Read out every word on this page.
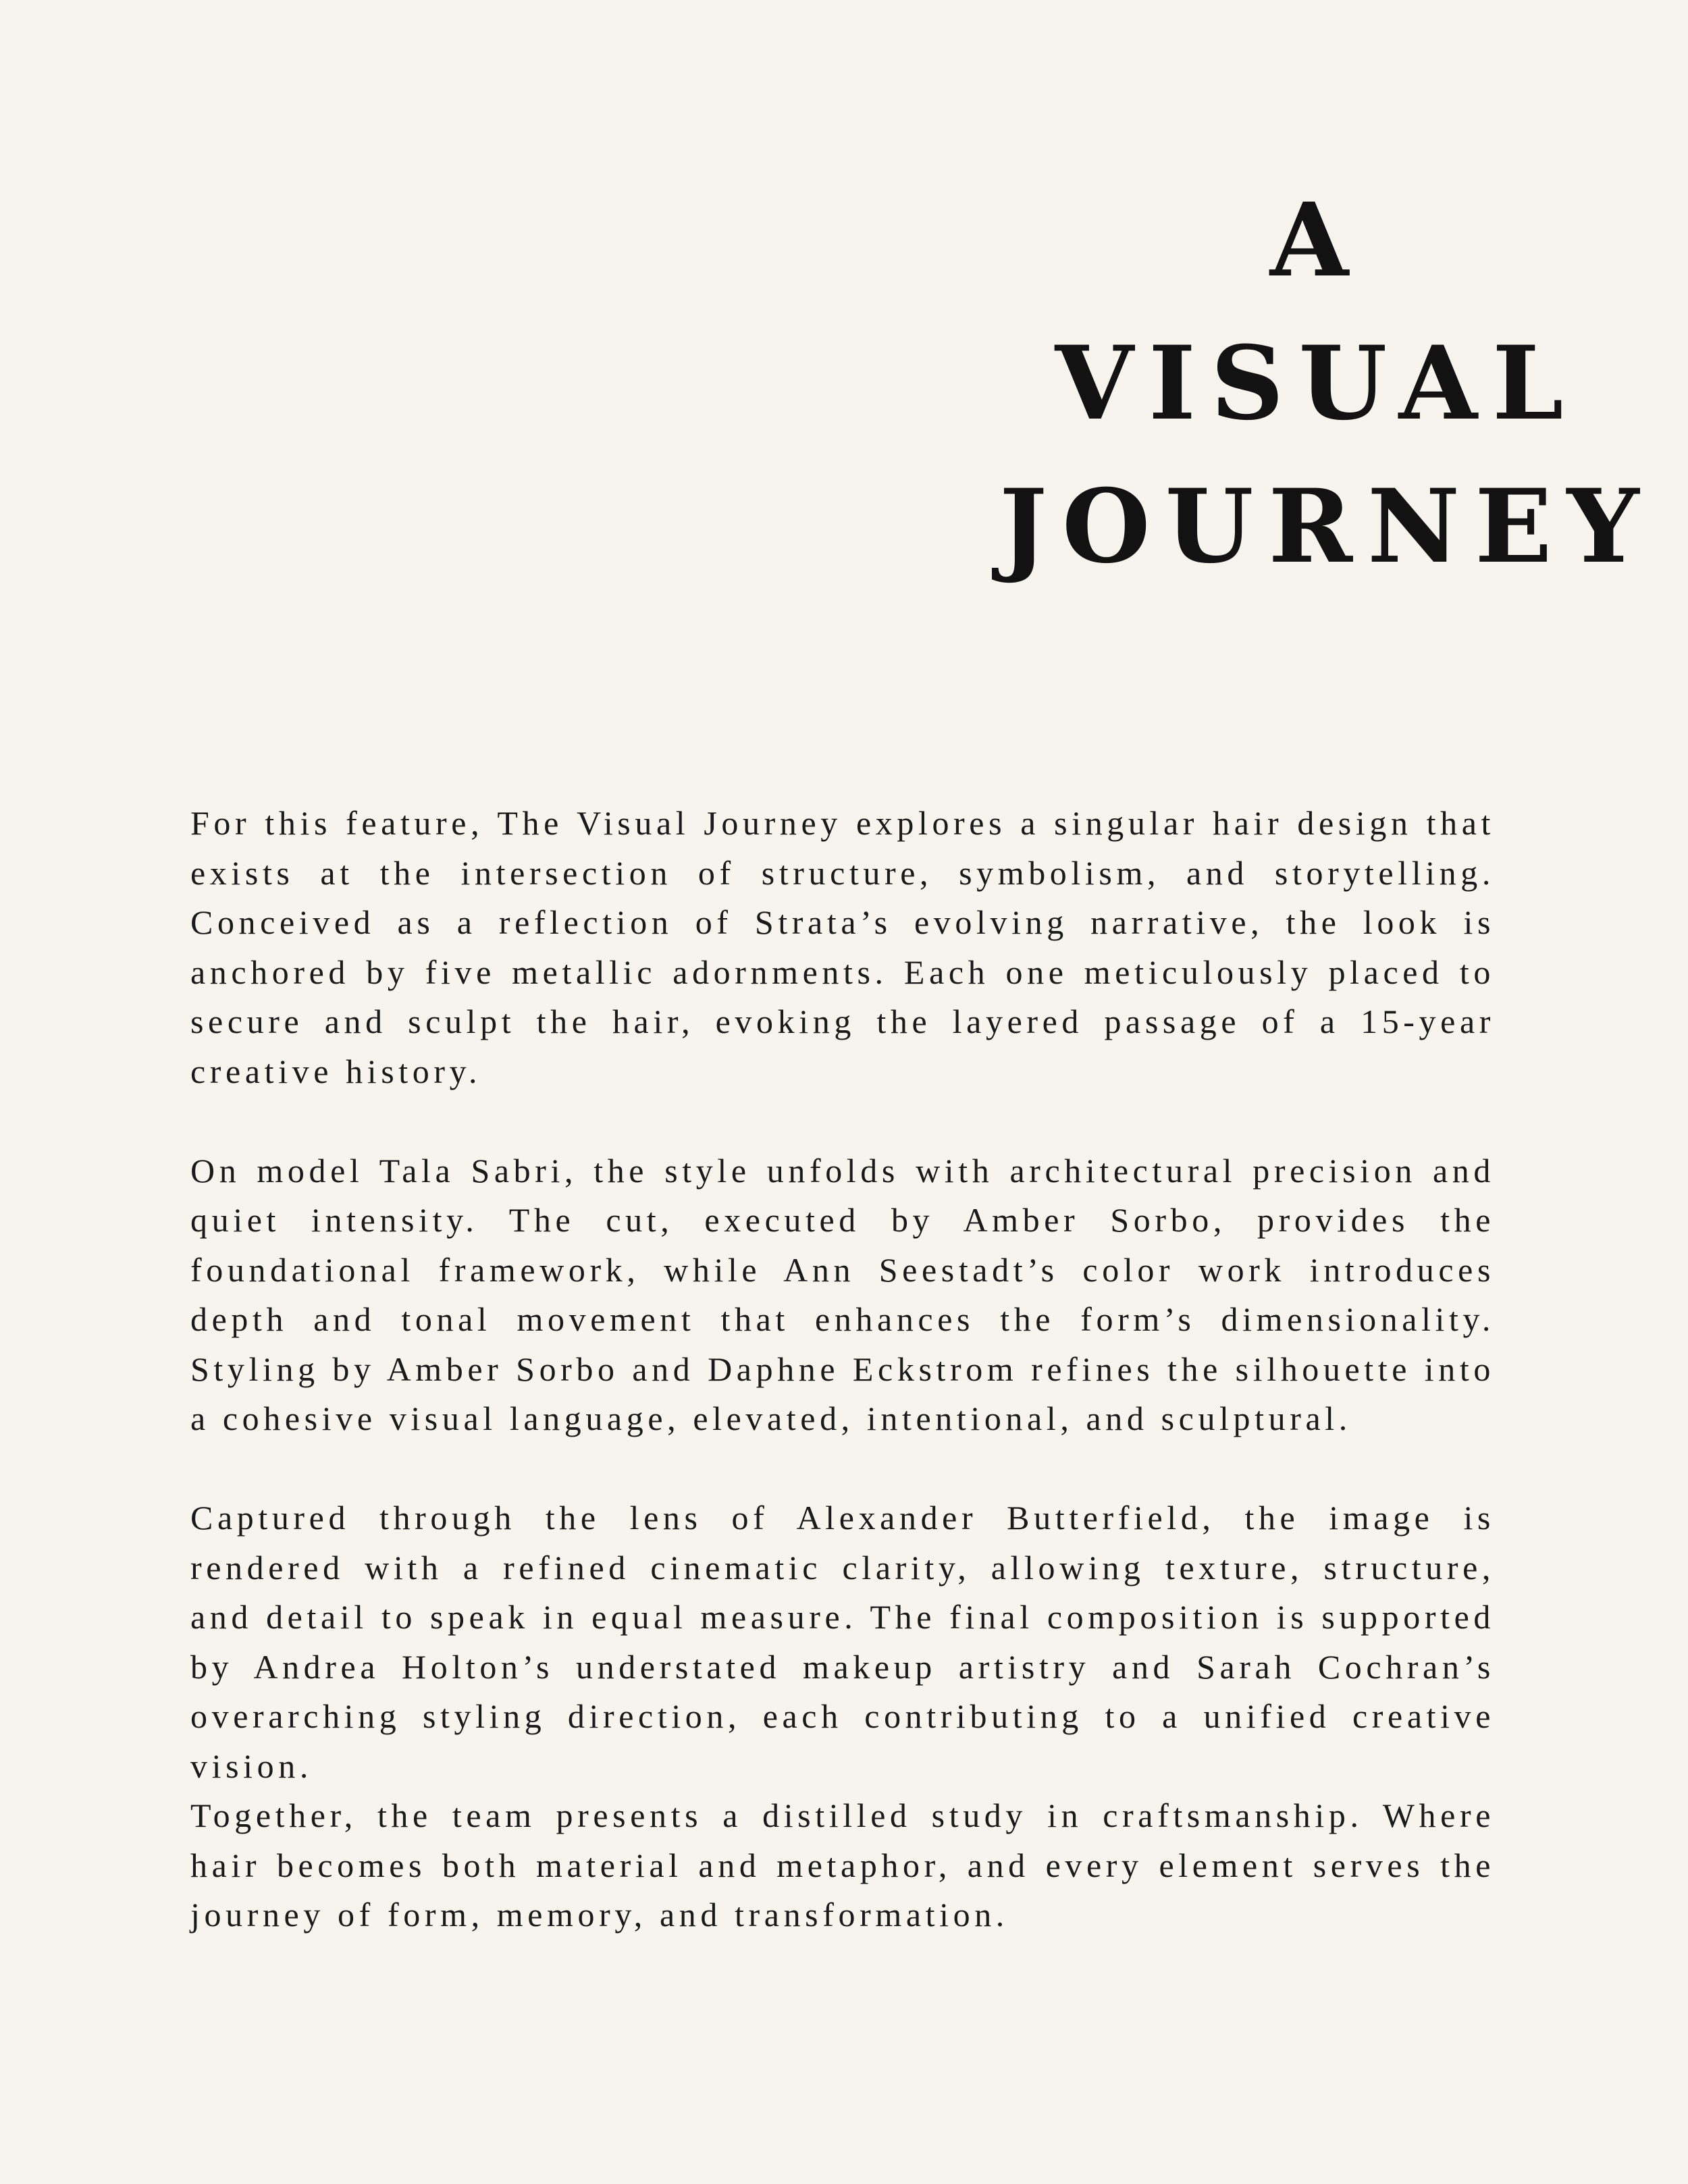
A
VISUAL
JOURNEY

For this feature, The Visual Journey explores a singular hair design that exists at the intersection of structure, symbolism, and storytelling. Conceived as a reflection of Strata’s evolving narrative, the look is anchored by five metallic adornments. Each one meticulously placed to secure and sculpt the hair, evoking the layered passage of a 15-year creative history.

On model Tala Sabri, the style unfolds with architectural precision and quiet intensity. The cut, executed by Amber Sorbo, provides the foundational framework, while Ann Seestadt’s color work introduces depth and tonal movement that enhances the form’s dimensionality. Styling by Amber Sorbo and Daphne Eckstrom refines the silhouette into a cohesive visual language, elevated, intentional, and sculptural.

Captured through the lens of Alexander Butterfield, the image is rendered with a refined cinematic clarity, allowing texture, structure, and detail to speak in equal measure. The final composition is supported by Andrea Holton’s understated makeup artistry and Sarah Cochran’s overarching styling direction, each contributing to a unified creative vision.

Together, the team presents a distilled study in craftsmanship. Where hair becomes both material and metaphor, and every element serves the journey of form, memory, and transformation.
